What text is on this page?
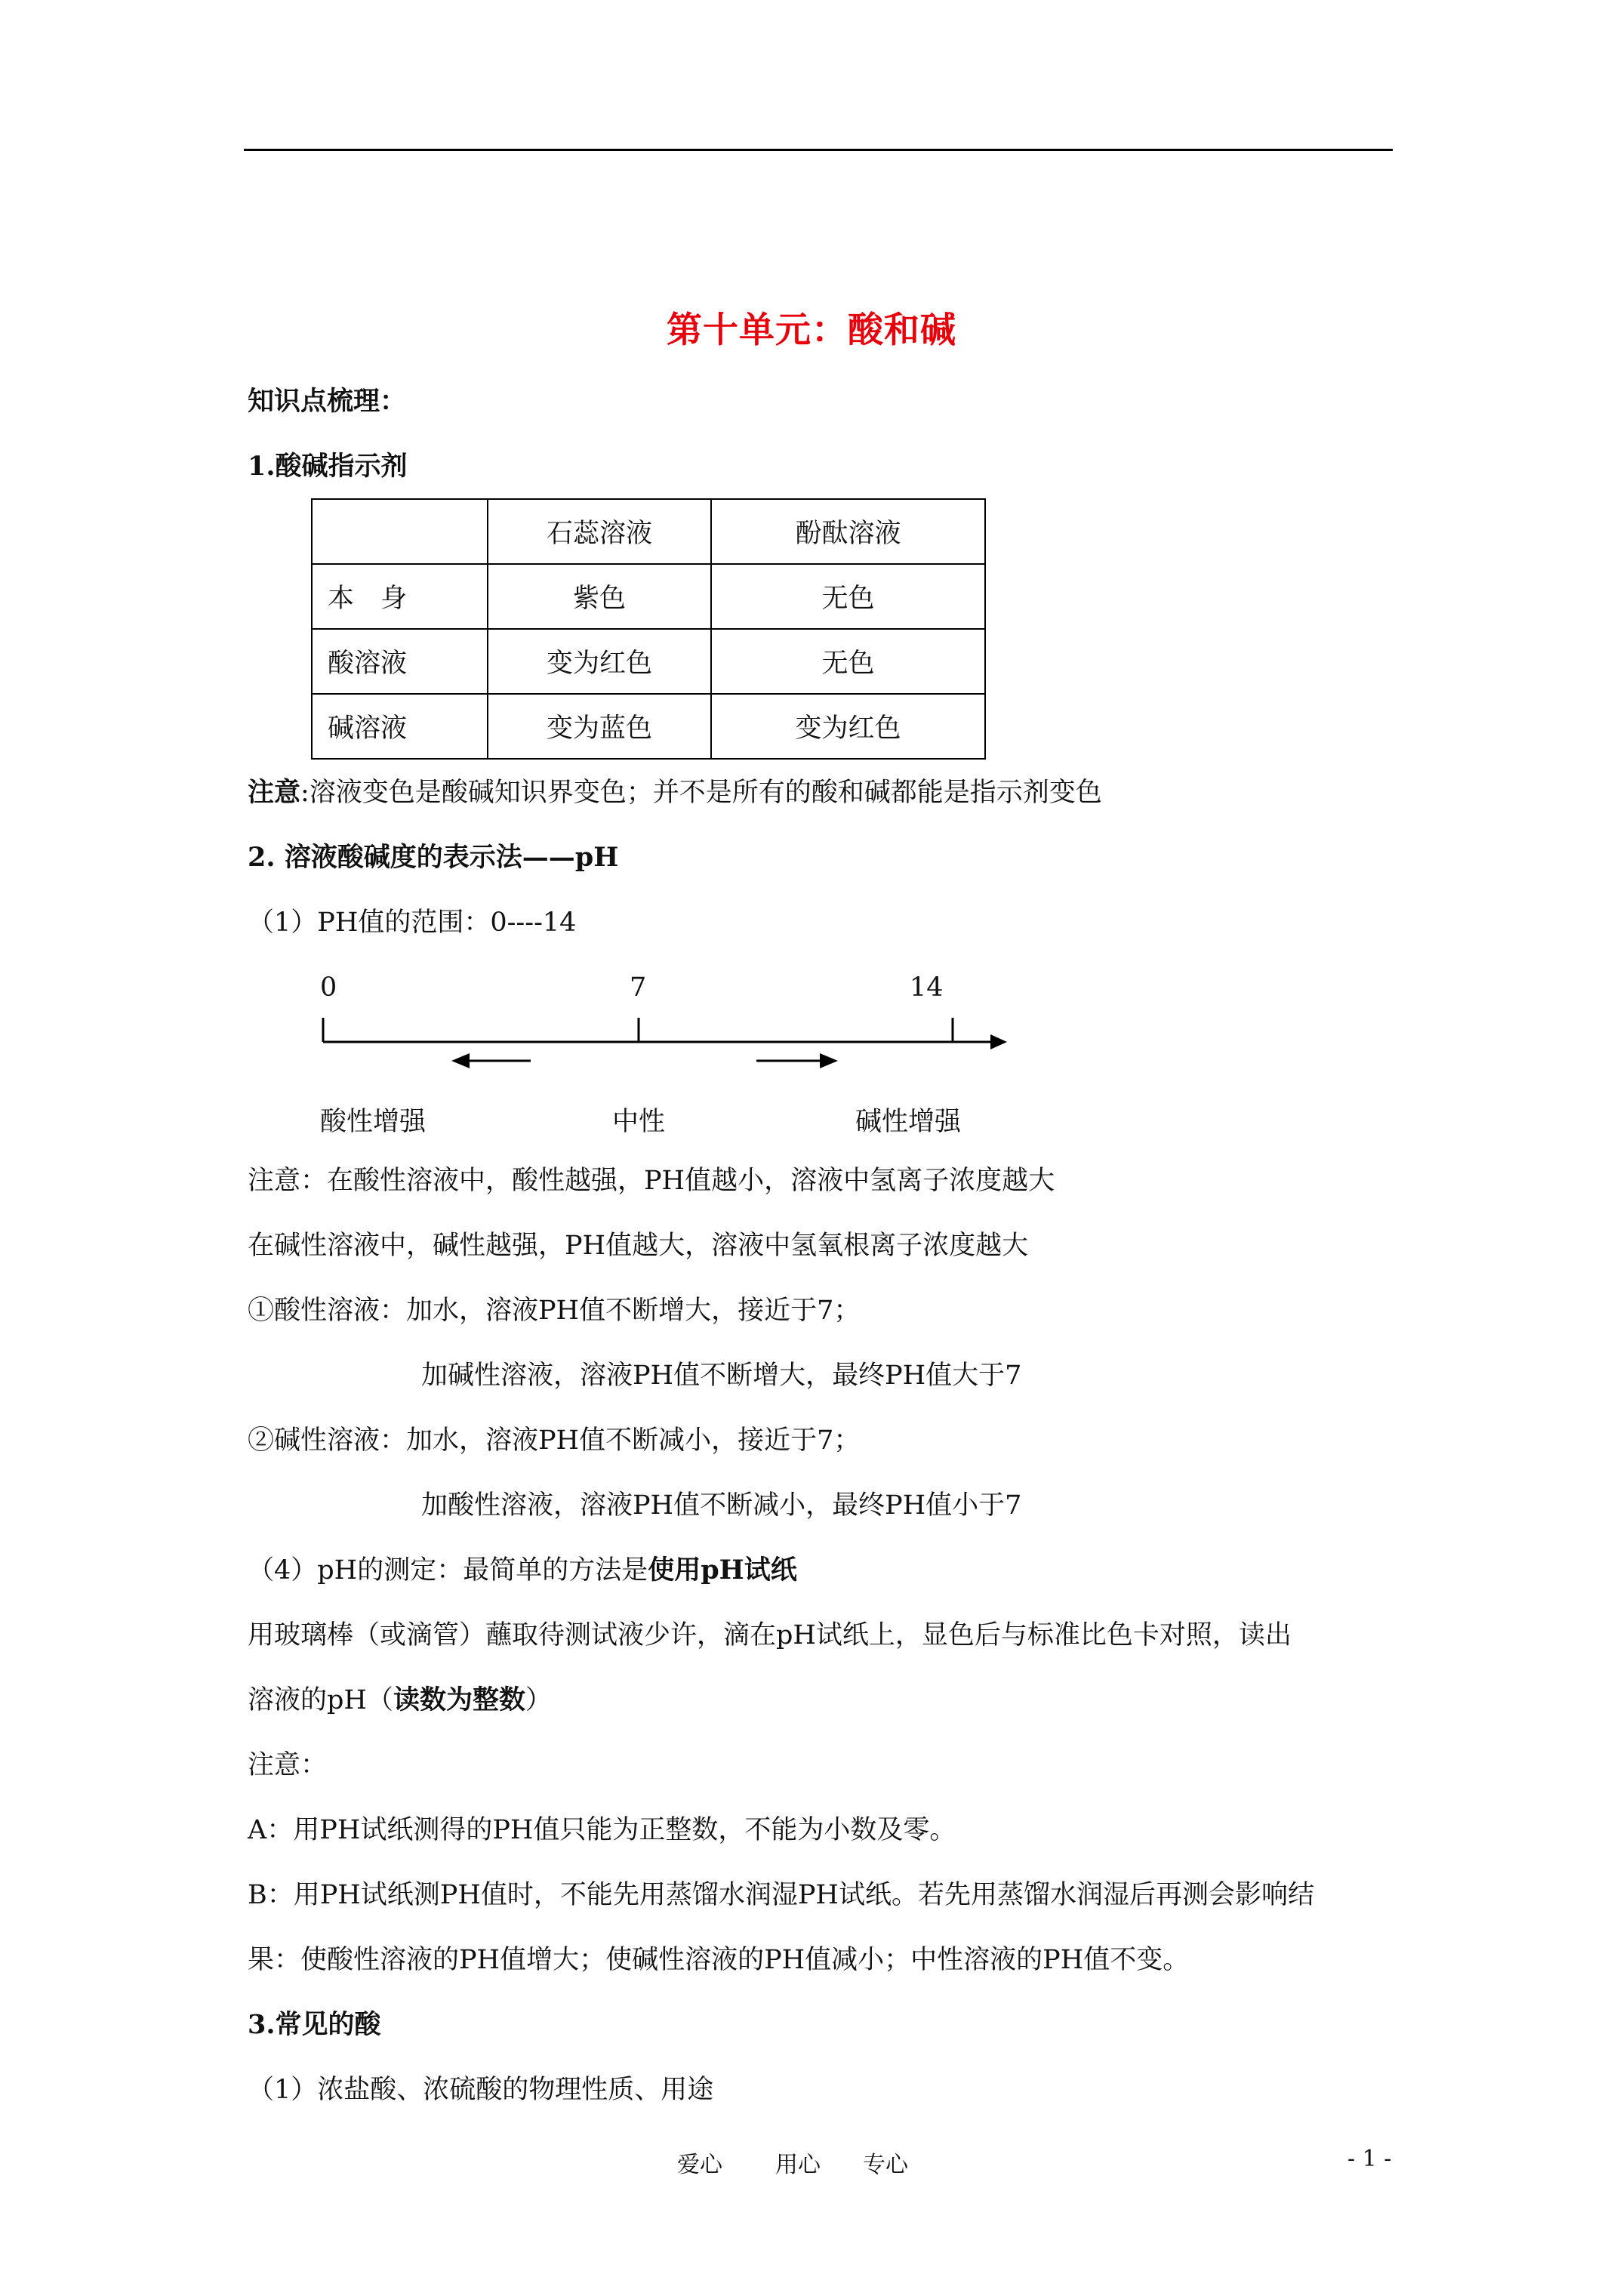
第十单元：酸和碱
知识点梳理：
1.酸碱指示剂
	石蕊溶液	酚酞溶液
本　身	紫色	无色
酸溶液	变为红色	无色
碱溶液	变为蓝色	变为红色
注意:溶液变色是酸碱知识界变色；并不是所有的酸和碱都能是指示剂变色
2. 溶液酸碱度的表示法——pH
（1）PH值的范围：0----14
0	7	14
酸性增强	中性	碱性增强
注意：在酸性溶液中，酸性越强，PH值越小，溶液中氢离子浓度越大
在碱性溶液中，碱性越强，PH值越大，溶液中氢氧根离子浓度越大
①酸性溶液：加水，溶液PH值不断增大，接近于7；
加碱性溶液，溶液PH值不断增大，最终PH值大于7
②碱性溶液：加水，溶液PH值不断减小，接近于7；
加酸性溶液，溶液PH值不断减小，最终PH值小于7
（4）pH的测定：最简单的方法是使用pH试纸
用玻璃棒（或滴管）蘸取待测试液少许，滴在pH试纸上，显色后与标准比色卡对照，读出
溶液的pH（读数为整数）
注意：
A：用PH试纸测得的PH值只能为正整数，不能为小数及零。
B：用PH试纸测PH值时，不能先用蒸馏水润湿PH试纸。若先用蒸馏水润湿后再测会影响结
果：使酸性溶液的PH值增大；使碱性溶液的PH值减小；中性溶液的PH值不变。
3.常见的酸
（1）浓盐酸、浓硫酸的物理性质、用途
爱心 用心 专心	- 1 -
